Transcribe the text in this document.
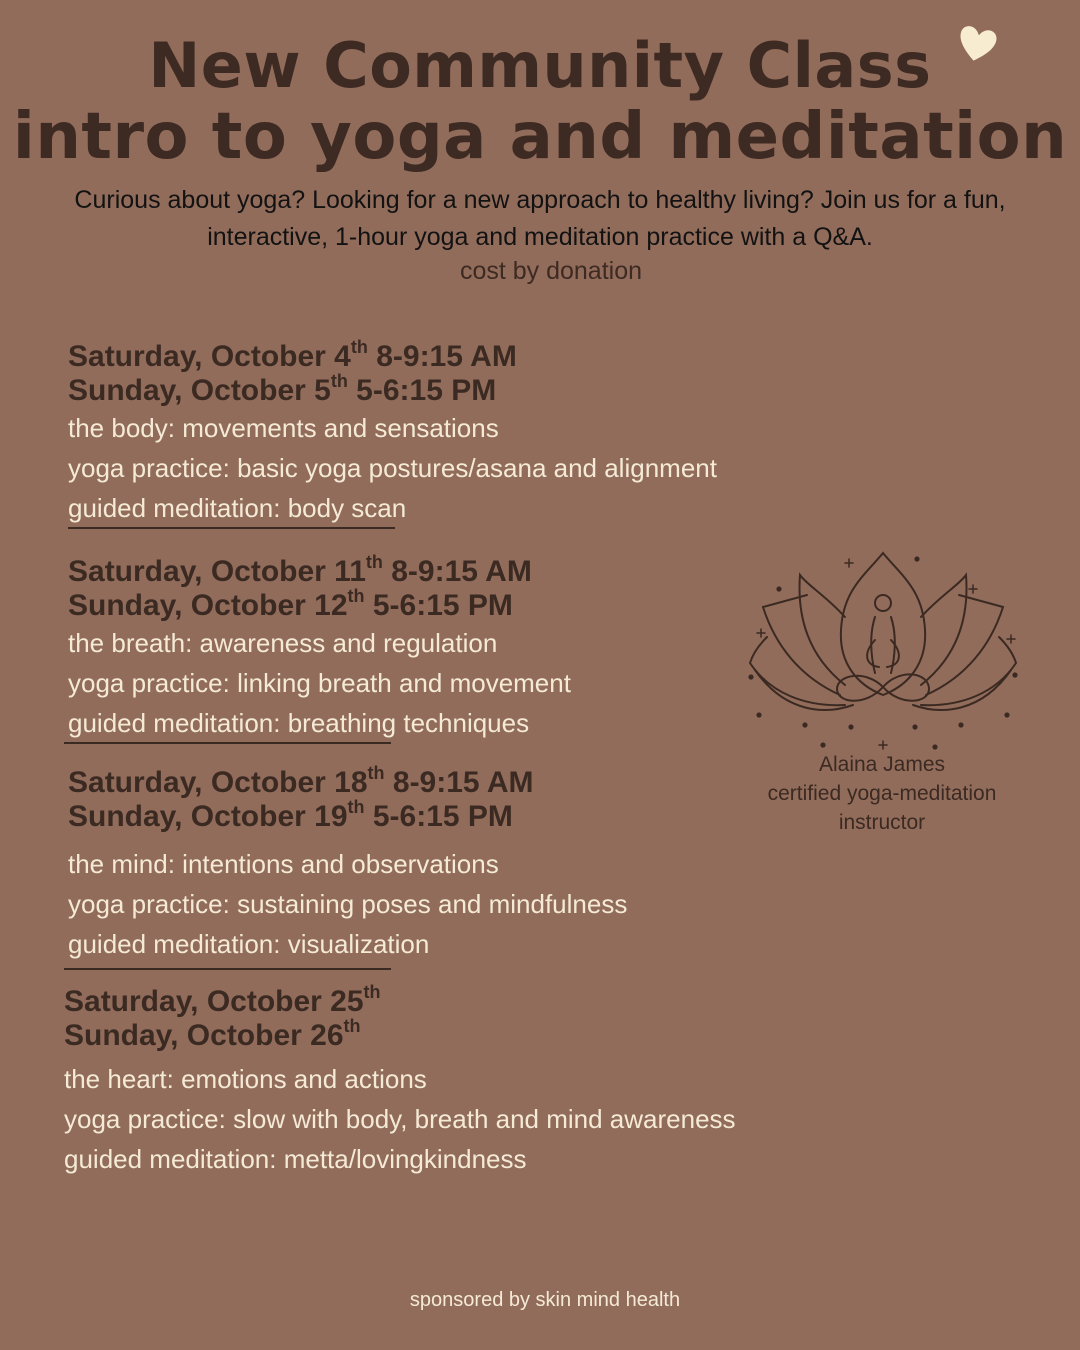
New Community Class
intro to yoga and meditation

Curious about yoga? Looking for a new approach to healthy living? Join us for a fun, interactive, 1-hour yoga and meditation practice with a Q&A.

cost by donation
Saturday, October 4th 8-9:15 AM
Sunday, October 5th 5-6:15 PM
the body: movements and sensations
yoga practice: basic yoga postures/asana and alignment
guided meditation: body scan
Saturday, October 11th 8-9:15 AM
Sunday, October 12th 5-6:15 PM
the breath: awareness and regulation
yoga practice: linking breath and movement
guided meditation: breathing techniques
Saturday, October 18th 8-9:15 AM
Sunday, October 19th 5-6:15 PM
the mind: intentions and observations
yoga practice: sustaining poses and mindfulness
guided meditation: visualization
Saturday, October 25th
Sunday, October 26th
the heart: emotions and actions
yoga practice: slow with body, breath and mind awareness
guided meditation: metta/lovingkindness
Alaina James
certified yoga-meditation
instructor
sponsored by skin mind health
